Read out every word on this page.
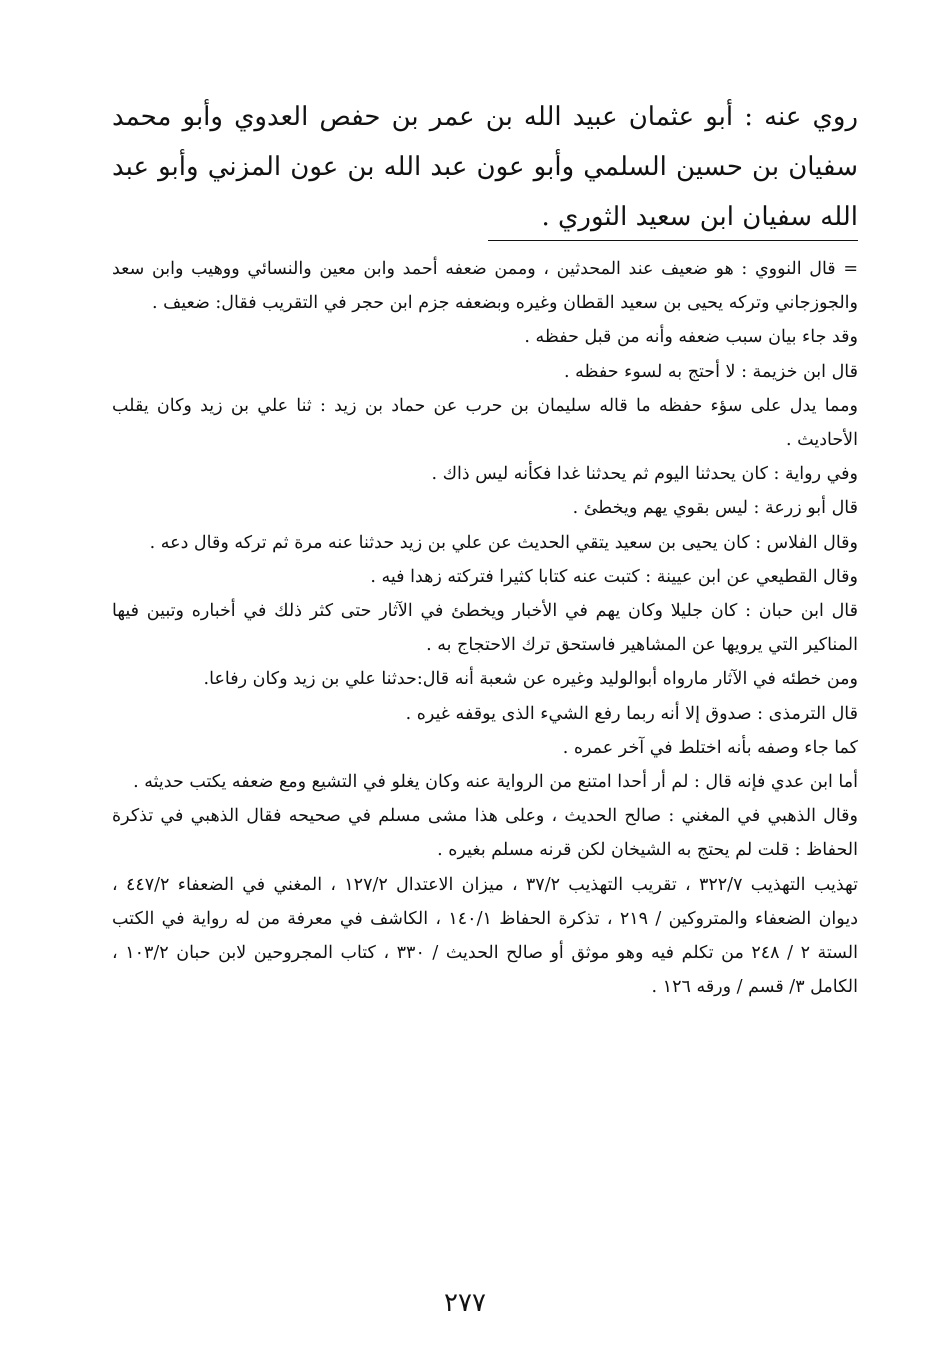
روي عنه : أبو عثمان عبيد الله بن عمر بن حفص العدوي وأبو محمد سفيان بن حسين السلمي وأبو عون عبد الله بن عون المزني وأبو عبد الله سفيان ابن سعيد الثوري .

= قال النووي : هو ضعيف عند المحدثين ، وممن ضعفه أحمد وابن معين والنسائي ووهيب وابن سعد والجوزجاني وتركه يحيى بن سعيد القطان وغيره وبضعفه جزم ابن حجر في التقريب فقال: ضعيف .

وقد جاء بيان سبب ضعفه وأنه من قبل حفظه .

قال ابن خزيمة : لا أحتج به لسوء حفظه .

ومما يدل على سؤء حفظه ما قاله سليمان بن حرب عن حماد بن زيد : ثنا علي بن زيد وكان يقلب الأحاديث .

وفي رواية : كان يحدثنا اليوم ثم يحدثنا غدا فكأنه ليس ذاك .

قال أبو زرعة : ليس بقوي يهم ويخطئ .

وقال الفلاس : كان يحيى بن سعيد يتقي الحديث عن علي بن زيد حدثنا عنه مرة ثم تركه وقال دعه .

وقال القطيعي عن ابن عيينة : كتبت عنه كتابا كثيرا فتركته زهدا فيه .

قال ابن حبان : كان جليلا وكان يهم في الأخبار ويخطئ في الآثار حتى كثر ذلك في أخباره وتبين فيها المناكير التي يرويها عن المشاهير فاستحق ترك الاحتجاج به .

ومن خطئه في الآثار مارواه أبوالوليد وغيره عن شعبة أنه قال:حدثنا علي بن زيد وكان رفاعا.

قال الترمذى : صدوق إلا أنه ربما رفع الشيء الذى يوقفه غيره .

كما جاء وصفه بأنه اختلط في آخر عمره .

أما ابن عدي فإنه قال : لم أر أحدا امتنع من الرواية عنه وكان يغلو في التشيع ومع ضعفه يكتب حديثه .

وقال الذهبي في المغني : صالح الحديث ، وعلى هذا مشى مسلم في صحيحه فقال الذهبي في تذكرة الحفاظ : قلت لم يحتج به الشيخان لكن قرنه مسلم بغيره .

تهذيب التهذيب ٣٢٢/٧ ، تقريب التهذيب ٣٧/٢ ، ميزان الاعتدال ١٢٧/٢ ، المغني في الضعفاء ٤٤٧/٢ ، ديوان الضعفاء والمتروكين / ٢١٩ ، تذكرة الحفاظ ١٤٠/١ ، الكاشف في معرفة من له رواية في الكتب الستة ٢ / ٢٤٨ من تكلم فيه وهو موثق أو صالح الحديث / ٣٣٠ ، كتاب المجروحين لابن حبان ١٠٣/٢ ، الكامل ٣/ قسم / ورقه ١٢٦ .

٢٧٧
